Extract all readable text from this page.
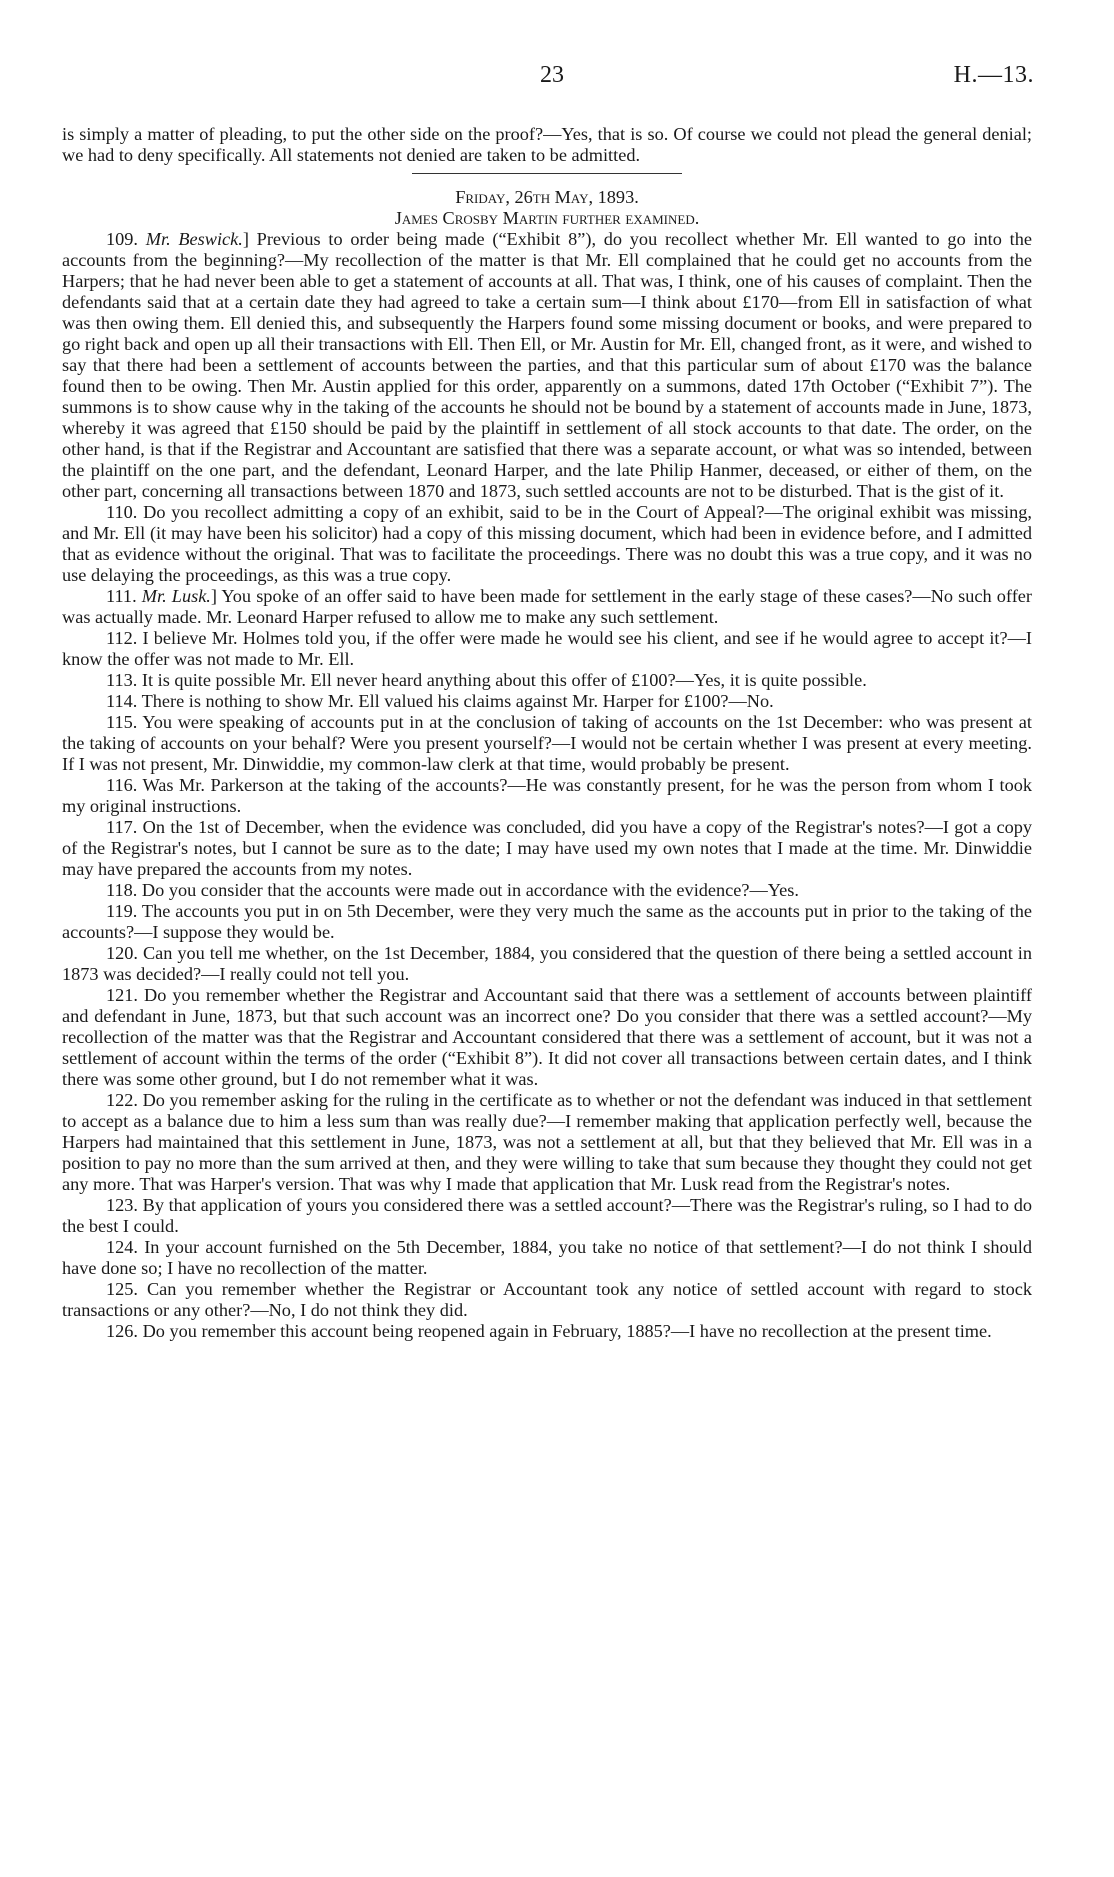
23	H.—13.

is simply a matter of pleading, to put the other side on the proof?—Yes, that is so. Of course we could not plead the general denial; we had to deny specifically. All statements not denied are taken to be admitted.

Friday, 26th May, 1893.

James Crosby Martin further examined.

109. Mr. Beswick.] Previous to order being made (“Exhibit 8”), do you recollect whether Mr. Ell wanted to go into the accounts from the beginning?—My recollection of the matter is that Mr. Ell complained that he could get no accounts from the Harpers; that he had never been able to get a statement of accounts at all. That was, I think, one of his causes of complaint. Then the defendants said that at a certain date they had agreed to take a certain sum—I think about £170—from Ell in satisfaction of what was then owing them. Ell denied this, and subsequently the Harpers found some missing document or books, and were prepared to go right back and open up all their transactions with Ell. Then Ell, or Mr. Austin for Mr. Ell, changed front, as it were, and wished to say that there had been a settlement of accounts between the parties, and that this particular sum of about £170 was the balance found then to be owing. Then Mr. Austin applied for this order, apparently on a summons, dated 17th October (“Exhibit 7”). The summons is to show cause why in the taking of the accounts he should not be bound by a statement of accounts made in June, 1873, whereby it was agreed that £150 should be paid by the plaintiff in settlement of all stock accounts to that date. The order, on the other hand, is that if the Registrar and Accountant are satisfied that there was a separate account, or what was so intended, between the plaintiff on the one part, and the defendant, Leonard Harper, and the late Philip Hanmer, deceased, or either of them, on the other part, concerning all transactions between 1870 and 1873, such settled accounts are not to be disturbed. That is the gist of it.

110. Do you recollect admitting a copy of an exhibit, said to be in the Court of Appeal?—The original exhibit was missing, and Mr. Ell (it may have been his solicitor) had a copy of this missing document, which had been in evidence before, and I admitted that as evidence without the original. That was to facilitate the proceedings. There was no doubt this was a true copy, and it was no use delaying the proceedings, as this was a true copy.

111. Mr. Lusk.] You spoke of an offer said to have been made for settlement in the early stage of these cases?—No such offer was actually made. Mr. Leonard Harper refused to allow me to make any such settlement.

112. I believe Mr. Holmes told you, if the offer were made he would see his client, and see if he would agree to accept it?—I know the offer was not made to Mr. Ell.

113. It is quite possible Mr. Ell never heard anything about this offer of £100?—Yes, it is quite possible.

114. There is nothing to show Mr. Ell valued his claims against Mr. Harper for £100?—No.

115. You were speaking of accounts put in at the conclusion of taking of accounts on the 1st December: who was present at the taking of accounts on your behalf? Were you present yourself?—I would not be certain whether I was present at every meeting. If I was not present, Mr. Dinwiddie, my common-law clerk at that time, would probably be present.

116. Was Mr. Parkerson at the taking of the accounts?—He was constantly present, for he was the person from whom I took my original instructions.

117. On the 1st of December, when the evidence was concluded, did you have a copy of the Registrar's notes?—I got a copy of the Registrar's notes, but I cannot be sure as to the date; I may have used my own notes that I made at the time. Mr. Dinwiddie may have prepared the accounts from my notes.

118. Do you consider that the accounts were made out in accordance with the evidence?—Yes.

119. The accounts you put in on 5th December, were they very much the same as the accounts put in prior to the taking of the accounts?—I suppose they would be.

120. Can you tell me whether, on the 1st December, 1884, you considered that the question of there being a settled account in 1873 was decided?—I really could not tell you.

121. Do you remember whether the Registrar and Accountant said that there was a settlement of accounts between plaintiff and defendant in June, 1873, but that such account was an incorrect one? Do you consider that there was a settled account?—My recollection of the matter was that the Registrar and Accountant considered that there was a settlement of account, but it was not a settlement of account within the terms of the order (“Exhibit 8”). It did not cover all transactions between certain dates, and I think there was some other ground, but I do not remember what it was.

122. Do you remember asking for the ruling in the certificate as to whether or not the defendant was induced in that settlement to accept as a balance due to him a less sum than was really due?—I remember making that application perfectly well, because the Harpers had maintained that this settlement in June, 1873, was not a settlement at all, but that they believed that Mr. Ell was in a position to pay no more than the sum arrived at then, and they were willing to take that sum because they thought they could not get any more. That was Harper's version. That was why I made that application that Mr. Lusk read from the Registrar's notes.

123. By that application of yours you considered there was a settled account?—There was the Registrar's ruling, so I had to do the best I could.

124. In your account furnished on the 5th December, 1884, you take no notice of that settlement?—I do not think I should have done so; I have no recollection of the matter.

125. Can you remember whether the Registrar or Accountant took any notice of settled account with regard to stock transactions or any other?—No, I do not think they did.

126. Do you remember this account being reopened again in February, 1885?—I have no recollection at the present time.
